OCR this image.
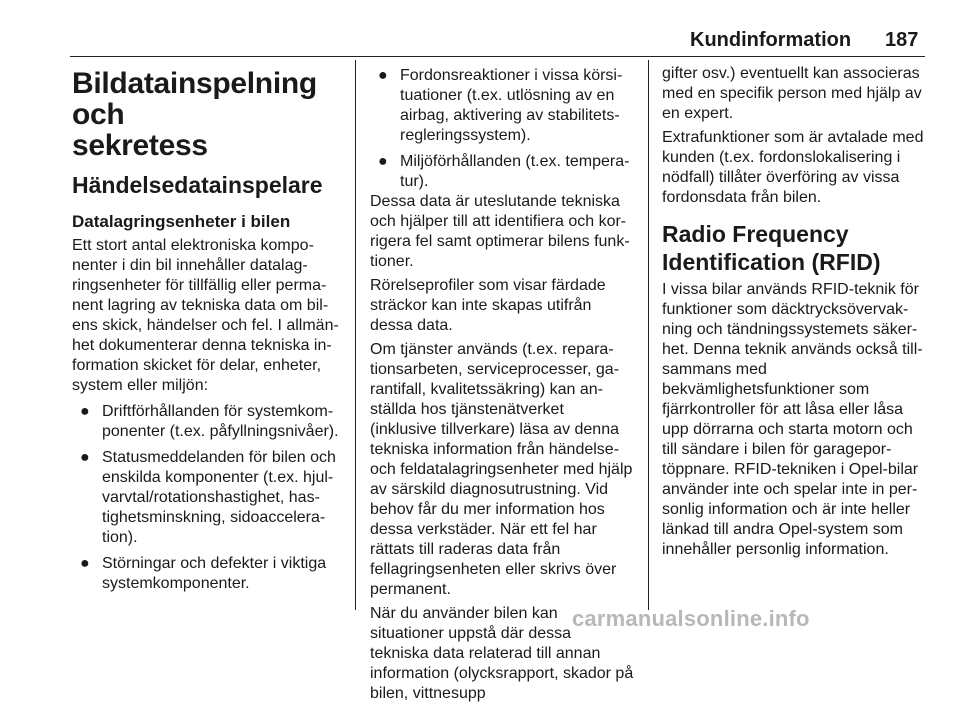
Kundinformation 187
Bildatainspelning och
sekretess
Händelsedatainspelare
Datalagringsenheter i bilen

Ett stort antal elektroniska komponenter i din bil innehåller datalagringsenheter för tillfällig eller permanent lagring av tekniska data om bilens skick, händelser och fel. I allmänhet dokumenterar denna tekniska information skicket för delar, enheter, system eller miljön:

● Driftförhållanden för systemkomponenter (t.ex. påfyllningsnivåer).
● Statusmeddelanden för bilen och enskilda komponenter (t.ex. hjulvarvtal/rotationshastighet, hastighetsminskning, sidoacceleration).
● Störningar och defekter i viktiga systemkomponenter.
● Fordonsreaktioner i vissa körsituationer (t.ex. utlösning av en airbag, aktivering av stabilitetsregleringssystem).
● Miljöförhållanden (t.ex. temperatur).

Dessa data är uteslutande tekniska och hjälper till att identifiera och korrigera fel samt optimerar bilens funktioner.

Rörelseprofiler som visar färdade sträckor kan inte skapas utifrån dessa data.

Om tjänster används (t.ex. reparationsarbeten, serviceprocesser, garantifall, kvalitetssäkring) kan anställda hos tjänstenätverket (inklusive tillverkare) läsa av denna tekniska information från händelse- och feldatalagringsenheter med hjälp av särskild diagnosutrustning. Vid behov får du mer information hos dessa verkstäder. När ett fel har rättats till raderas data från fellagringsenheten eller skrivs över permanent.

När du använder bilen kan situationer uppstå där dessa tekniska data relaterad till annan information (olycksrapport, skador på bilen, vittnesupp

gifter osv.) eventuellt kan associeras med en specifik person med hjälp av en expert.

Extrafunktioner som är avtalade med kunden (t.ex. fordonslokalisering i nödfall) tillåter överföring av vissa fordonsdata från bilen.

Radio Frequency
Identification (RFID)

I vissa bilar används RFID-teknik för funktioner som däcktrycksövervakning och tändningssystemets säkerhet. Denna teknik används också tillsammans med bekvämlighetsfunktioner som fjärrkontroller för att låsa eller låsa upp dörrarna och starta motorn och till sändare i bilen för garageportöppnare. RFID-tekniken i Opel-bilar använder inte och spelar inte in personlig information och är inte heller länkad till andra Opel-system som innehåller personlig information.

carmanualsonline.info
